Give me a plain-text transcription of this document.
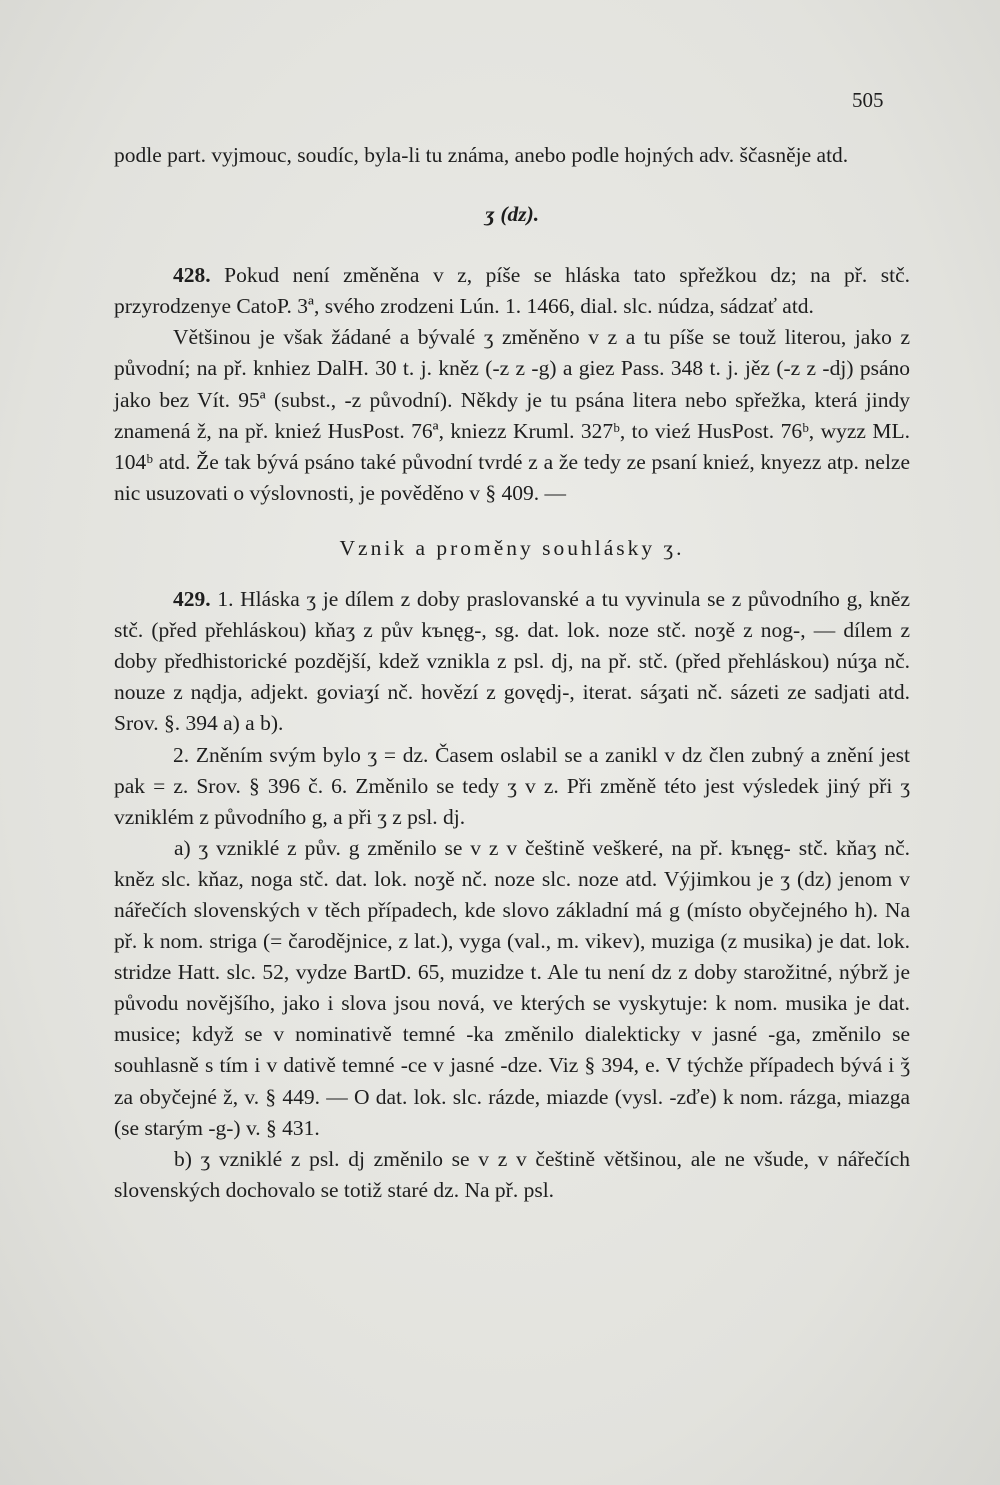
505

podle part. vyjmouc, soudíc, byla-li tu známa, anebo podle hojných adv. ščasněje atd.

ʒ (dz).

428. Pokud není změněna v z, píše se hláska tato spřežkou dz; na př. stč. przyrodzenye CatoP. 3ª, svého zrodzeni Lún. 1. 1466, dial. slc. núdza, sádzať atd.

Většinou je však žádané a bývalé ʒ změněno v z a tu píše se touž literou, jako z původní; na př. knhiez DalH. 30 t. j. kněz (-z z -g) a giez Pass. 348 t. j. jěz (-z z -dj) psáno jako bez Vít. 95ª (subst., -z původní). Někdy je tu psána litera nebo spřežka, která jindy znamená ž, na př. knieź HusPost. 76ª, kniezz Kruml. 327ᵇ, to vieź HusPost. 76ᵇ, wyzz ML. 104ᵇ atd. Že tak bývá psáno také původní tvrdé z a že tedy ze psaní knieź, knyezz atp. nelze nic usuzovati o výslovnosti, je pověděno v § 409. —

Vznik a proměny souhlásky ʒ.

429. 1. Hláska ʒ je dílem z doby praslovanské a tu vyvinula se z původního g, kněz stč. (před přehláskou) kňaʒ z pův kъnęg-, sg. dat. lok. noze stč. noʒě z nog-, — dílem z doby předhistorické pozdější, kdež vznikla z psl. dj, na př. stč. (před přehláskou) núʒa nč. nouze z nądja, adjekt. goviaʒí nč. hovězí z govędj-, iterat. sáʒati nč. sázeti ze sadjati atd. Srov. §. 394 a) a b).

2. Zněním svým bylo ʒ = dz. Časem oslabil se a zanikl v dz člen zubný a znění jest pak = z. Srov. § 396 č. 6. Změnilo se tedy ʒ v z. Při změně této jest výsledek jiný při ʒ vzniklém z původního g, a při ʒ z psl. dj.

a) ʒ vzniklé z pův. g změnilo se v z v češtině veškeré, na př. kъnęg- stč. kňaʒ nč. kněz slc. kňaz, noga stč. dat. lok. noʒě nč. noze slc. noze atd. Výjimkou je ʒ (dz) jenom v nářečích slovenských v těch případech, kde slovo základní má g (místo obyčejného h). Na př. k nom. striga (= čarodějnice, z lat.), vyga (val., m. vikev), muziga (z musika) je dat. lok. stridze Hatt. slc. 52, vydze BartD. 65, muzidze t. Ale tu není dz z doby starožitné, nýbrž je původu novějšího, jako i slova jsou nová, ve kterých se vyskytuje: k nom. musika je dat. musice; když se v nominativě temné -ka změnilo dialekticky v jasné -ga, změnilo se souhlasně s tím i v dativě temné -ce v jasné -dze. Viz § 394, e. V týchže případech bývá i ǯ za obyčejné ž, v. § 449. — O dat. lok. slc. rázde, miazde (vysl. -zďe) k nom. rázga, miazga (se starým -g-) v. § 431.

b) ʒ vzniklé z psl. dj změnilo se v z v češtině většinou, ale ne všude, v nářečích slovenských dochovalo se totiž staré dz. Na př. psl.
